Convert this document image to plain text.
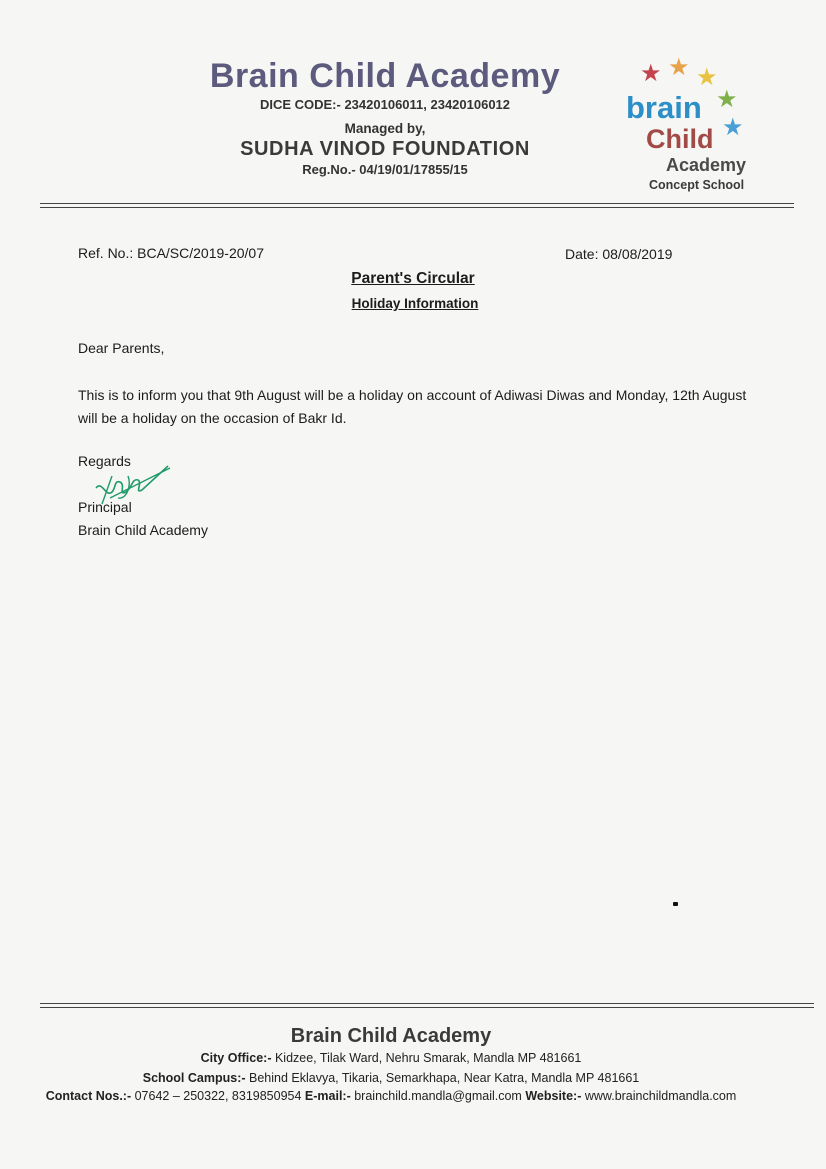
Brain Child Academy
DICE CODE:- 23420106011, 23420106012
Managed by,
SUDHA VINOD FOUNDATION
Reg.No.- 04/19/01/17855/15
★ ★ ★
★
★
brain
Child
Academy
Concept School
Ref. No.: BCA/SC/2019-20/07	Date: 08/08/2019
Parent's Circular
Holiday Information
Dear Parents,
This is to inform you that 9th August will be a holiday on account of Adiwasi Diwas and Monday, 12th August will be a holiday on the occasion of Bakr Id.
Regards
Principal
Brain Child Academy
Brain Child Academy
City Office:- Kidzee, Tilak Ward, Nehru Smarak, Mandla MP 481661
School Campus:- Behind Eklavya, Tikaria, Semarkhapa, Near Katra, Mandla MP 481661
Contact Nos.:- 07642 – 250322, 8319850954 E-mail:- brainchild.mandla@gmail.com Website:- www.brainchildmandla.com
